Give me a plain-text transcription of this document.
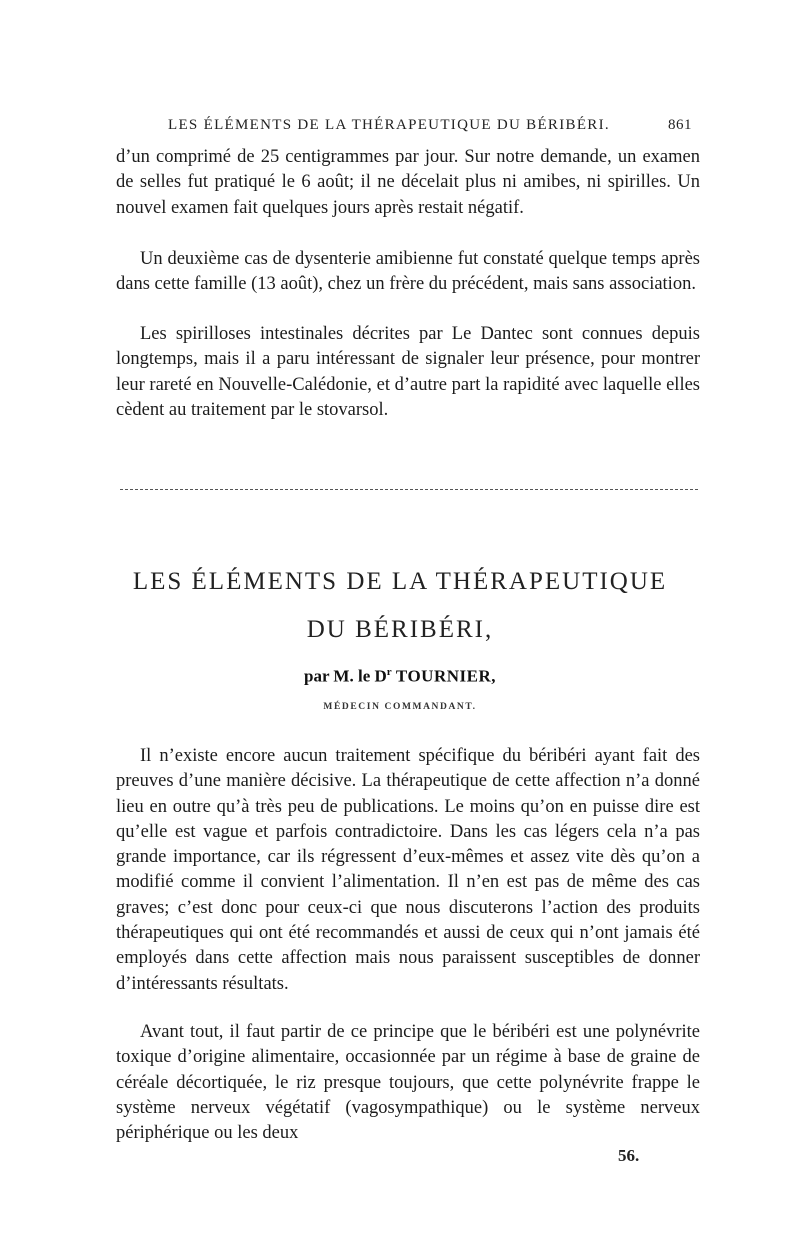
LES ÉLÉMENTS DE LA THÉRAPEUTIQUE DU BÉRIBÉRI.	861

d’un comprimé de 25 centigrammes par jour. Sur notre demande, un examen de selles fut pratiqué le 6 août; il ne décelait plus ni amibes, ni spirilles. Un nouvel examen fait quelques jours après restait négatif.

Un deuxième cas de dysenterie amibienne fut constaté quelque temps après dans cette famille (13 août), chez un frère du précédent, mais sans association.

Les spirilloses intestinales décrites par Le Dantec sont connues depuis longtemps, mais il a paru intéressant de signaler leur présence, pour montrer leur rareté en Nouvelle-Calédonie, et d’autre part la rapidité avec laquelle elles cèdent au traitement par le stovarsol.

LES ÉLÉMENTS DE LA THÉRAPEUTIQUE
DU BÉRIBÉRI,
par M. le $D^r$ TOURNIER,
MÉDECIN COMMANDANT.

Il n’existe encore aucun traitement spécifique du béribéri ayant fait des preuves d’une manière décisive. La thérapeutique de cette affection n’a donné lieu en outre qu’à très peu de publications. Le moins qu’on en puisse dire est qu’elle est vague et parfois contradictoire. Dans les cas légers cela n’a pas grande importance, car ils régressent d’eux-mêmes et assez vite dès qu’on a modifié comme il convient l’alimentation. Il n’en est pas de même des cas graves; c’est donc pour ceux-ci que nous discuterons l’action des produits thérapeutiques qui ont été recommandés et aussi de ceux qui n’ont jamais été employés dans cette affection mais nous paraissent susceptibles de donner d’intéressants résultats.

Avant tout, il faut partir de ce principe que le béribéri est une polynévrite toxique d’origine alimentaire, occasionnée par un régime à base de graine de céréale décortiquée, le riz presque toujours, que cette polynévrite frappe le système nerveux végétatif (vagosympathique) ou le système nerveux périphérique ou les deux

56.
